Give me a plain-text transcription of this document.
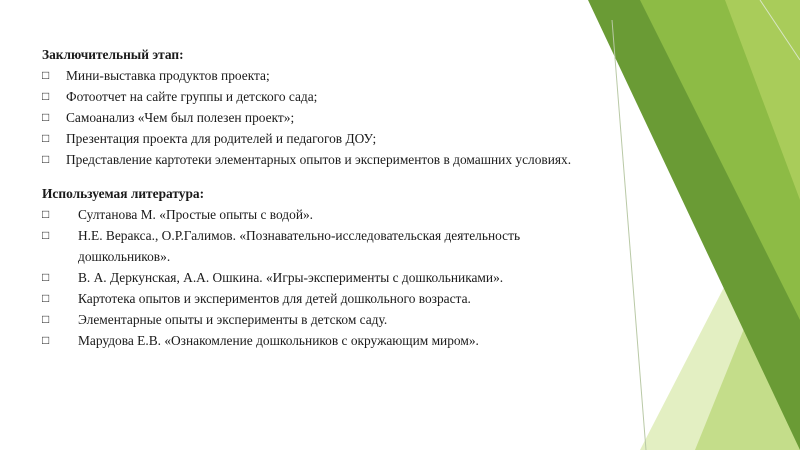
Заключительный этап:

□	Мини-выставка продуктов проекта;
□	Фотоотчет на сайте группы и детского сада;
□	Самоанализ «Чем был полезен проект»;
□	Презентация проекта для родителей и педагогов ДОУ;
□	Представление картотеки элементарных опытов и экспериментов в домашних условиях.

Используемая литература:

□	Султанова М. «Простые опыты с водой».
□	Н.Е. Веракса., О.Р.Галимов. «Познавательно-исследовательская деятельность дошкольников».
□	В. А. Деркунская, А.А. Ошкина. «Игры-эксперименты с дошкольниками».
□	Картотека опытов и экспериментов для детей дошкольного возраста.
□	Элементарные опыты и эксперименты в детском саду.
□	Марудова Е.В. «Ознакомление дошкольников с окружающим миром».
